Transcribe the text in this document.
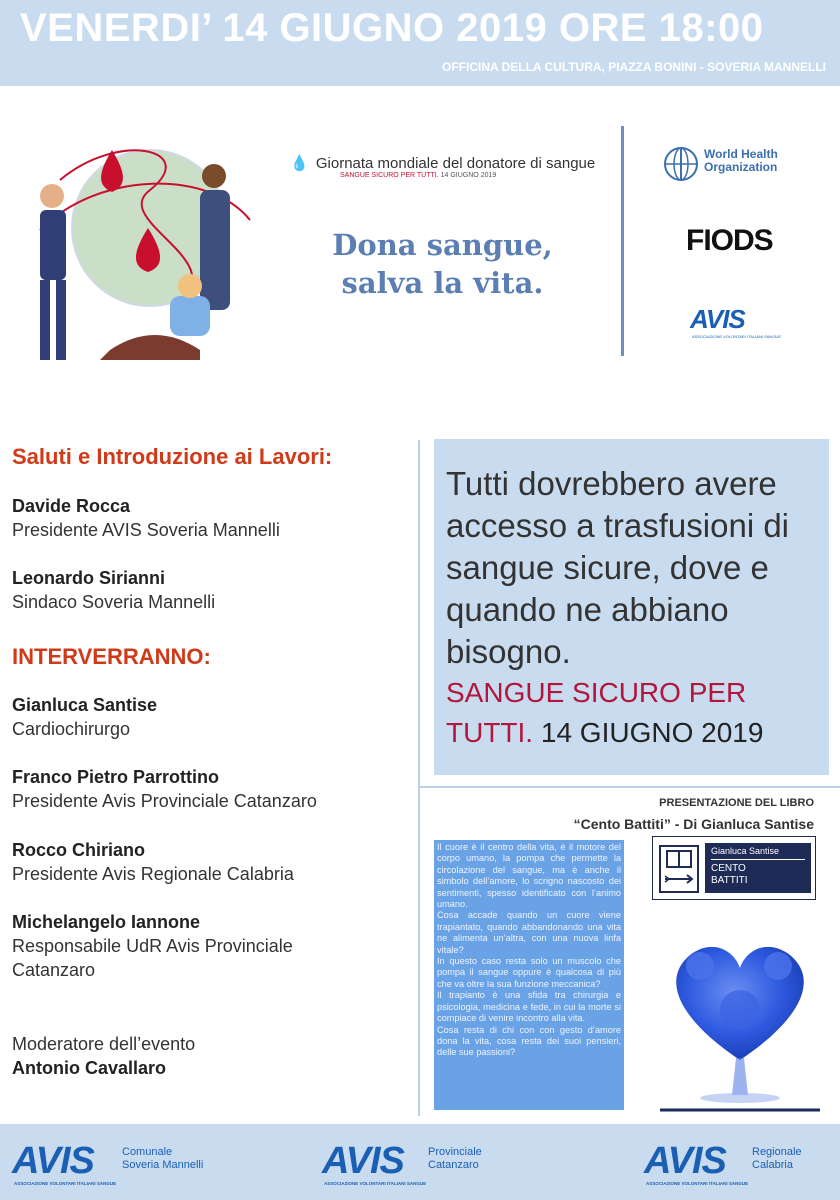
VENERDI’ 14 GIUGNO 2019 ORE 18:00
OFFICINA DELLA CULTURA, PIAZZA BONINI - SOVERIA MANNELLI
💧 Giornata mondiale del donatore di sangue
SANGUE SICURO PER TUTTI. 14 GIUGNO 2019
Dona sangue,
salva la vita.
World Health
Organization
FIODS
AVIS
ASSOCIAZIONE VOLONTARI ITALIANI SANGUE
Saluti e Introduzione ai Lavori:
Davide Rocca
Presidente AVIS Soveria Mannelli
Leonardo Sirianni
Sindaco Soveria Mannelli
INTERVERRANNO:
Gianluca Santise
Cardiochirurgo
Franco Pietro Parrottino
Presidente Avis Provinciale Catanzaro
Rocco Chiriano
Presidente Avis Regionale Calabria
Michelangelo Iannone
Responsabile UdR Avis Provinciale Catanzaro
Moderatore dell’evento
Antonio Cavallaro
Tutti dovrebbero avere accesso a trasfusioni di sangue sicure, dove e quando ne abbiano bisogno.
SANGUE SICURO PER TUTTI. 14 GIUGNO 2019
PRESENTAZIONE DEL LIBRO
“Cento Battiti” - Di Gianluca Santise

Il cuore è il centro della vita, è il motore del corpo umano, la pompa che permette la circolazione del sangue, ma è anche il simbolo dell’amore, lo scrigno nascosto dei sentimenti, spesso identificato con l’animo umano.

Cosa accade quando un cuore viene trapiantato, quando abbandonando una vita ne alimenta un’altra, con una nuova linfa vitale?

In questo caso resta solo un muscolo che pompa il sangue oppure è qualcosa di più che va oltre la sua funzione meccanica?

Il trapianto è una sfida tra chirurgia e psicologia, medicina e fede, in cui la morte si compiace di venire incontro alla vita.

Cosa resta di chi con con gesto d’amore dona la vita, cosa resta dei suoi pensieri, delle sue passioni?

Gianluca Santise
CENTO
BATTITI
AVIS
ASSOCIAZIONE VOLONTARI ITALIANI SANGUE
Comunale
Soveria Mannelli	AVIS
ASSOCIAZIONE VOLONTARI ITALIANI SANGUE
Provinciale
Catanzaro	AVIS
ASSOCIAZIONE VOLONTARI ITALIANI SANGUE
Regionale
Calabria
